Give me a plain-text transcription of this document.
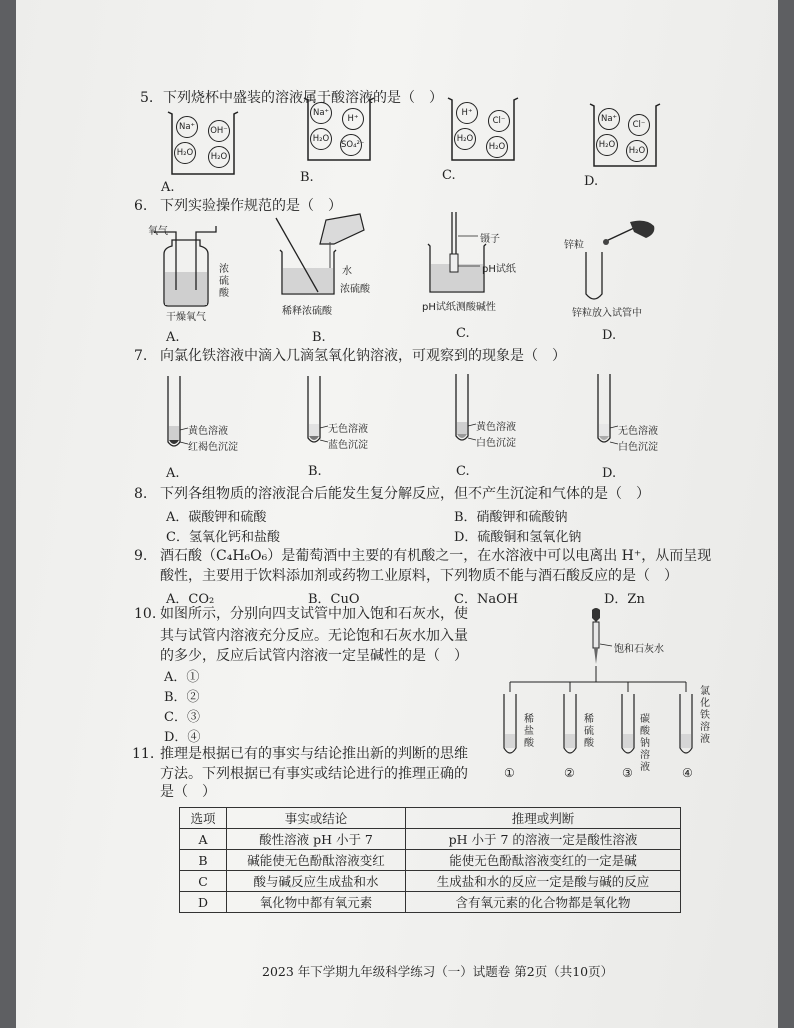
5. 下列烧杯中盛装的溶液属于酸溶液的是（　）
Na⁺	OH⁻
H₂O	H₂O
A.
Na⁺
H⁺
H₂O
SO₄²⁻
B.
H⁺
Cl⁻
H₂O
H₂O
C.
Na⁺
Cl⁻
H₂O
H₂O
D.
6. 下列实验操作规范的是（　）
氧气
浓硫酸
干燥氧气
A.
水
浓硫酸
稀释浓硫酸
B.
镊子
pH试纸
pH试纸测酸碱性
C.
锌粒
锌粒放入试管中
D.
7. 向氯化铁溶液中滴入几滴氢氧化钠溶液，可观察到的现象是（　）
黄色溶液
红褐色沉淀
A.
无色溶液
蓝色沉淀
B.
黄色溶液
白色沉淀
C.
无色溶液
白色沉淀
D.
8. 下列各组物质的溶液混合后能发生复分解反应，但不产生沉淀和气体的是（　）
A．碳酸钾和硫酸	B．硝酸钾和硫酸钠
C．氢氧化钙和盐酸	D．硫酸铜和氢氧化钠
9. 酒石酸（C₄H₆O₆）是葡萄酒中主要的有机酸之一，在水溶液中可以电离出 H⁺，从而呈现
酸性，主要用于饮料添加剂或药物工业原料，下列物质不能与酒石酸反应的是（　）
A．CO₂	B．CuO	C．NaOH	D．Zn
10. 如图所示，分别向四支试管中加入饱和石灰水，使
其与试管内溶液充分反应。无论饱和石灰水加入量
的多少，反应后试管内溶液一定呈碱性的是（　）
A．①
B．②
C．③
D．④
饱和石灰水
稀盐酸
稀硫酸
碳酸钠溶液
氯化铁溶液
①	②	③	④
11. 推理是根据已有的事实与结论推出新的判断的思维
方法。下列根据已有事实或结论进行的推理正确的
是（　）
选项	事实或结论	推理或判断
A	酸性溶液 pH 小于 7	pH 小于 7 的溶液一定是酸性溶液
B	碱能使无色酚酞溶液变红	能使无色酚酞溶液变红的一定是碱
C	酸与碱反应生成盐和水	生成盐和水的反应一定是酸与碱的反应
D	氧化物中都有氧元素	含有氧元素的化合物都是氧化物
2023 年下学期九年级科学练习（一）试题卷 第2页（共10页）
